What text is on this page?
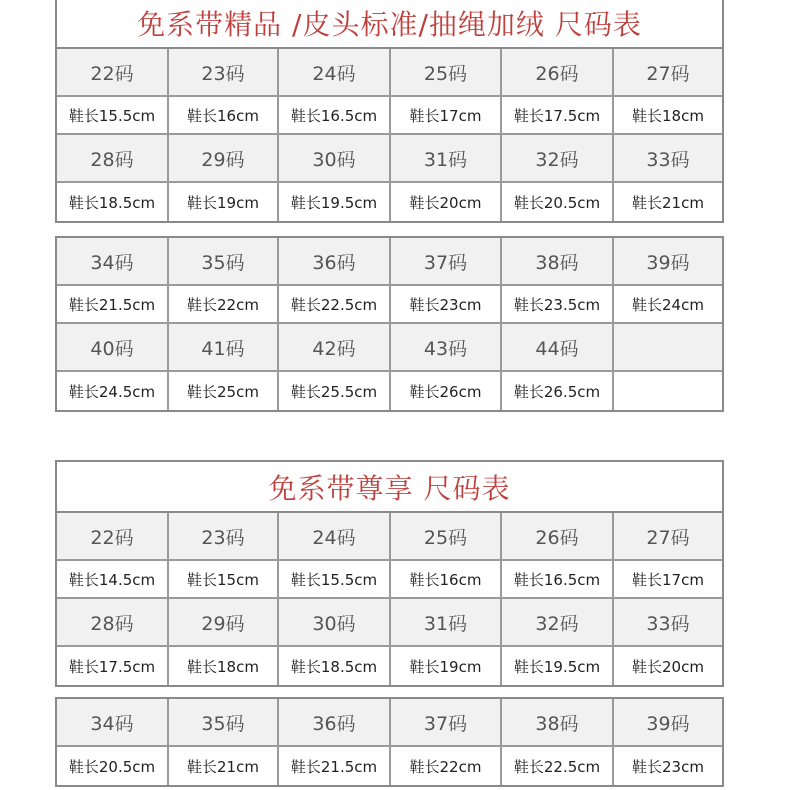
免系带精品 /皮头标准/抽绳加绒 尺码表
22码	23码	24码	25码	26码	27码
鞋长15.5cm	鞋长16cm	鞋长16.5cm	鞋长17cm	鞋长17.5cm	鞋长18cm
28码	29码	30码	31码	32码	33码
鞋长18.5cm	鞋长19cm	鞋长19.5cm	鞋长20cm	鞋长20.5cm	鞋长21cm
34码	35码	36码	37码	38码	39码
鞋长21.5cm	鞋长22cm	鞋长22.5cm	鞋长23cm	鞋长23.5cm	鞋长24cm
40码	41码	42码	43码	44码
鞋长24.5cm	鞋长25cm	鞋长25.5cm	鞋长26cm	鞋长26.5cm
免系带尊享 尺码表
22码	23码	24码	25码	26码	27码
鞋长14.5cm	鞋长15cm	鞋长15.5cm	鞋长16cm	鞋长16.5cm	鞋长17cm
28码	29码	30码	31码	32码	33码
鞋长17.5cm	鞋长18cm	鞋长18.5cm	鞋长19cm	鞋长19.5cm	鞋长20cm
34码	35码	36码	37码	38码	39码
鞋长20.5cm	鞋长21cm	鞋长21.5cm	鞋长22cm	鞋长22.5cm	鞋长23cm
